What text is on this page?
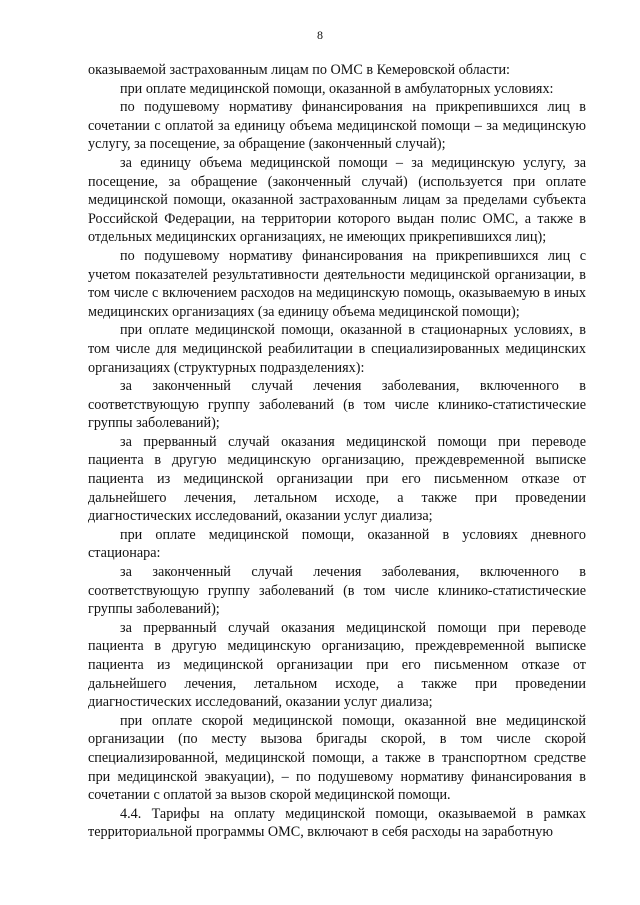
8

оказываемой застрахованным лицам по ОМС в Кемеровской области:

при оплате медицинской помощи, оказанной в амбулаторных условиях:

по подушевому нормативу финансирования на прикрепившихся лиц в сочетании с оплатой за единицу объема медицинской помощи – за медицинскую услугу, за посещение, за обращение (законченный случай);

за единицу объема медицинской помощи – за медицинскую услугу, за посещение, за обращение (законченный случай) (используется при оплате медицинской помощи, оказанной застрахованным лицам за пределами субъекта Российской Федерации, на территории которого выдан полис ОМС, а также в отдельных медицинских организациях, не имеющих прикрепившихся лиц);

по подушевому нормативу финансирования на прикрепившихся лиц с учетом показателей результативности деятельности медицинской организации, в том числе с включением расходов на медицинскую помощь, оказываемую в иных медицинских организациях (за единицу объема медицинской помощи);

при оплате медицинской помощи, оказанной в стационарных условиях, в том числе для медицинской реабилитации в специализированных медицинских организациях (структурных подразделениях):

за законченный случай лечения заболевания, включенного в соответствующую группу заболеваний (в том числе клинико-статистические группы заболеваний);

за прерванный случай оказания медицинской помощи при переводе пациента в другую медицинскую организацию, преждевременной выписке пациента из медицинской организации при его письменном отказе от дальнейшего лечения, летальном исходе, а также при проведении диагностических исследований, оказании услуг диализа;

при оплате медицинской помощи, оказанной в условиях дневного стационара:

за законченный случай лечения заболевания, включенного в соответствующую группу заболеваний (в том числе клинико-статистические группы заболеваний);

за прерванный случай оказания медицинской помощи при переводе пациента в другую медицинскую организацию, преждевременной выписке пациента из медицинской организации при его письменном отказе от дальнейшего лечения, летальном исходе, а также при проведении диагностических исследований, оказании услуг диализа;

при оплате скорой медицинской помощи, оказанной вне медицинской организации (по месту вызова бригады скорой, в том числе скорой специализированной, медицинской помощи, а также в транспортном средстве при медицинской эвакуации), – по подушевому нормативу финансирования в сочетании с оплатой за вызов скорой медицинской помощи.

4.4. Тарифы на оплату медицинской помощи, оказываемой в рамках территориальной программы ОМС, включают в себя расходы на заработную
